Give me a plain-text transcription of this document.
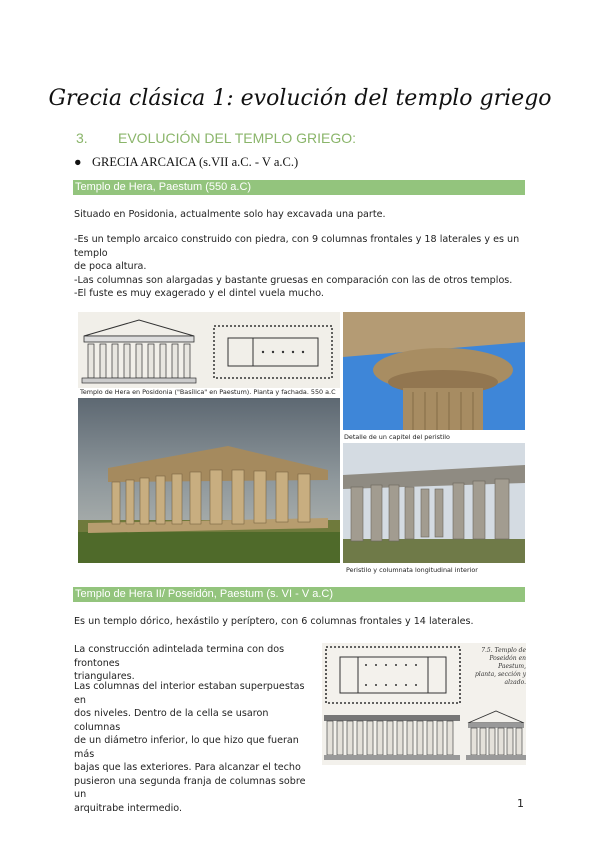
Grecia clásica 1: evolución del templo griego
3. EVOLUCIÓN DEL TEMPLO GRIEGO:
● GRECIA ARCAICA (s.VII a.C. - V a.C.)
Templo de Hera, Paestum (550 a.C)
Situado en Posidonia, actualmente solo hay excavada una parte.
-Es un templo arcaico construido con piedra, con 9 columnas frontales y 18 laterales y es un templo
de poca altura.
-Las columnas son alargadas y bastante gruesas en comparación con las de otros templos.
-El fuste es muy exagerado y el dintel vuela mucho.
Templo de Hera en Posidonia ("Basílica" en Paestum). Planta y fachada. 550 a.C
Detalle de un capitel del peristilo
Peristilo y columnata longitudinal interior
Templo de Hera II/ Poseidón, Paestum (s. VI - V a.C)
Es un templo dórico, hexástilo y períptero, con 6 columnas frontales y 14 laterales.
La construcción adintelada termina con dos frontones
triangulares.
Las columnas del interior estaban superpuestas en
dos niveles. Dentro de la cella se usaron columnas
de un diámetro inferior, lo que hizo que fueran más
bajas que las exteriores. Para alcanzar el techo
pusieron una segunda franja de columnas sobre un
arquitrabe intermedio.
7.5. Templo de
Poseidón en Paestum,
planta, sección y alzado.
1
